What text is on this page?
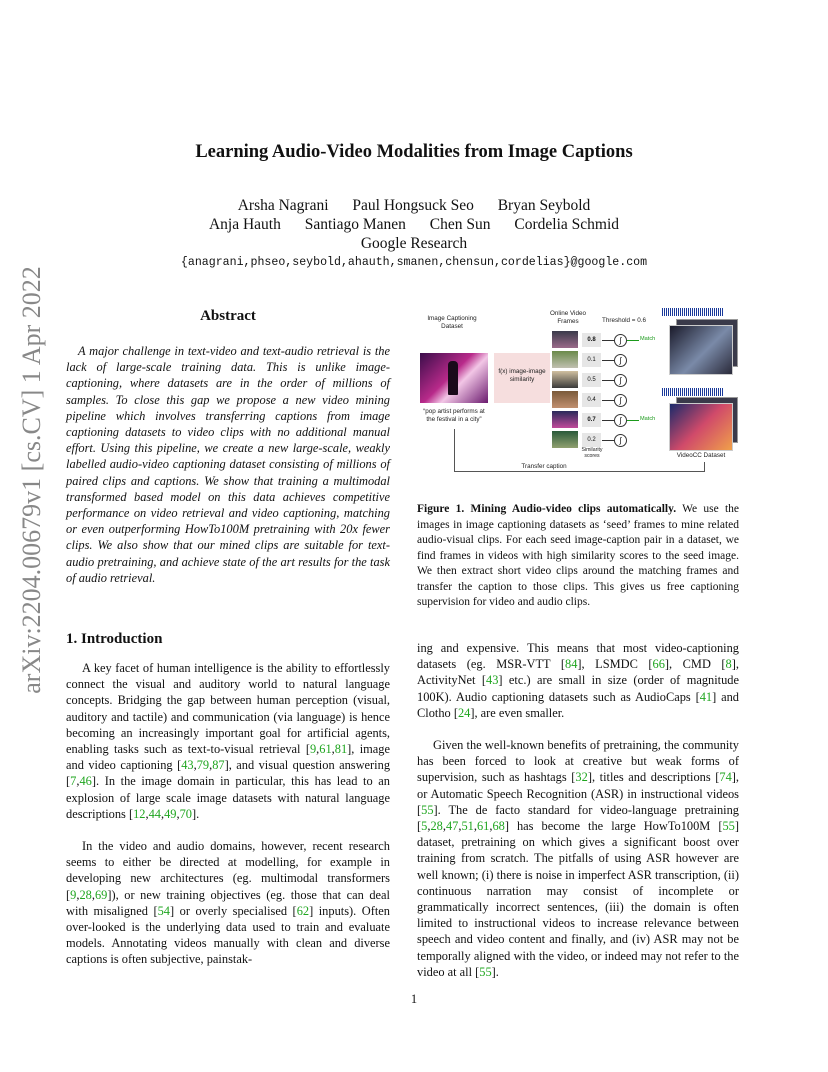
Learning Audio-Video Modalities from Image Captions
Arsha Nagrani Paul Hongsuck Seo Bryan Seybold
Anja Hauth Santiago Manen Chen Sun Cordelia Schmid
Google Research
{anagrani,phseo,seybold,ahauth,smanen,chensun,cordelias}@google.com
arXiv:2204.00679v1 [cs.CV] 1 Apr 2022	Abstract

A major challenge in text-video and text-audio retrieval is the lack of large-scale training data. This is unlike image-captioning, where datasets are in the order of millions of samples. To close this gap we propose a new video mining pipeline which involves transferring captions from image captioning datasets to video clips with no additional manual effort. Using this pipeline, we create a new large-scale, weakly labelled audio-video captioning dataset consisting of millions of paired clips and captions. We show that training a multimodal transformed based model on this data achieves competitive performance on video retrieval and video captioning, matching or even outperforming HowTo100M pretraining with 20x fewer clips. We also show that our mined clips are suitable for text-audio pretraining, and achieve state of the art results for the task of audio retrieval.

Image Captioning Dataset
Online Video Frames	Threshold = 0.6
“pop artist performs at the festival in a city”
f(x) image-image similarity
0.8
0.1
0.5
0.4
0.7
0.2
Similarity scores
∫
∫
∫
∫
∫
∫
Match
Match
VideoCC Dataset
Transfer caption

Figure 1. Mining Audio-video clips automatically. We use the images in image captioning datasets as ‘seed’ frames to mine related audio-visual clips. For each seed image-caption pair in a dataset, we find frames in videos with high similarity scores to the seed image. We then extract short video clips around the matching frames and transfer the caption to those clips. This gives us free captioning supervision for video and audio clips.

1. Introduction

A key facet of human intelligence is the ability to effortlessly connect the visual and auditory world to natural language concepts. Bridging the gap between human perception (visual, auditory and tactile) and communication (via language) is hence becoming an increasingly important goal for artificial agents, enabling tasks such as text-to-visual retrieval [9,61,81], image and video captioning [43,79,87], and visual question answering [7,46]. In the image domain in particular, this has lead to an explosion of large scale image datasets with natural language descriptions [12,44,49,70].

In the video and audio domains, however, recent research seems to either be directed at modelling, for example in developing new architectures (eg. multimodal transformers [9,28,69]), or new training objectives (eg. those that can deal with misaligned [54] or overly specialised [62] inputs). Often over-looked is the underlying data used to train and evaluate models. Annotating videos manually with clean and diverse captions is often subjective, painstak-

ing and expensive. This means that most video-captioning datasets (eg. MSR-VTT [84], LSMDC [66], CMD [8], ActivityNet [43] etc.) are small in size (order of magnitude 100K). Audio captioning datasets such as AudioCaps [41] and Clotho [24], are even smaller.

Given the well-known benefits of pretraining, the community has been forced to look at creative but weak forms of supervision, such as hashtags [32], titles and descriptions [74], or Automatic Speech Recognition (ASR) in instructional videos [55]. The de facto standard for video-language pretraining [5,28,47,51,61,68] has become the large HowTo100M [55] dataset, pretraining on which gives a significant boost over training from scratch. The pitfalls of using ASR however are well known; (i) there is noise in imperfect ASR transcription, (ii) continuous narration may consist of incomplete or grammatically incorrect sentences, (iii) the domain is often limited to instructional videos to increase relevance between speech and video content and finally, and (iv) ASR may not be temporally aligned with the video, or indeed may not refer to the video at all [55].

1
